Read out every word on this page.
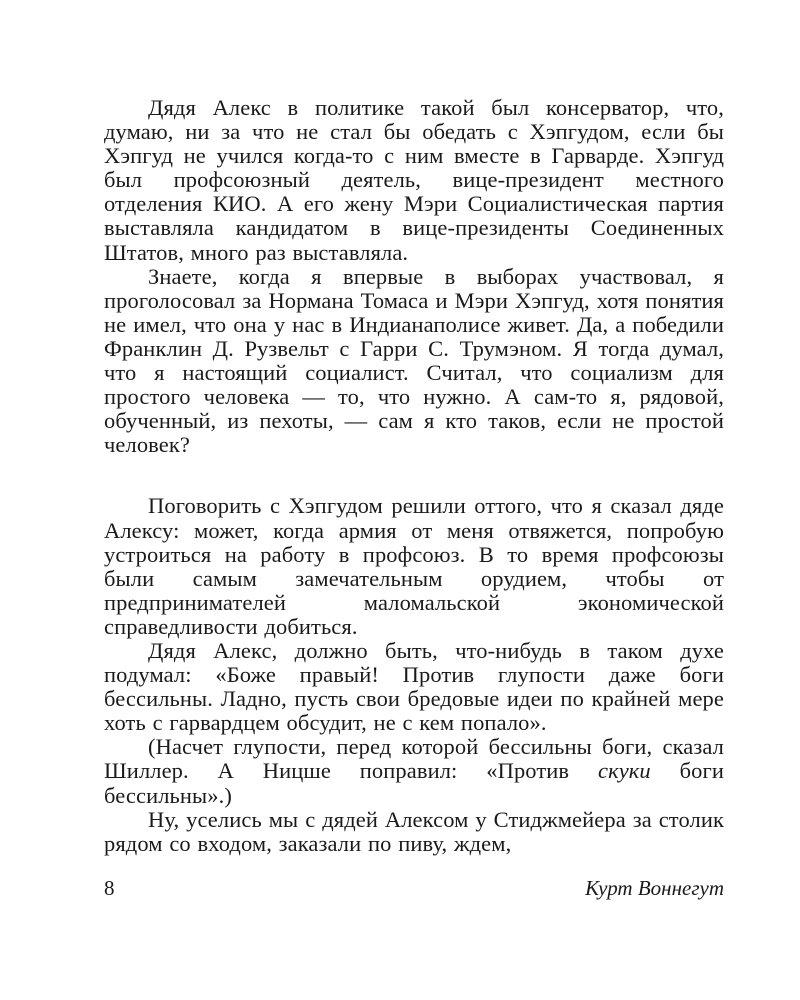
Дядя Алекс в политике такой был консерватор, что, думаю, ни за что не стал бы обедать с Хэпгудом, если бы Хэпгуд не учился когда-то с ним вместе в Гарварде. Хэпгуд был профсоюзный деятель, вице-президент местного отделения КИО. А его жену Мэри Социалистическая партия выставляла кандидатом в вице-президенты Соединенных Штатов, много раз выставляла.

Знаете, когда я впервые в выборах участвовал, я проголосовал за Нормана Томаса и Мэри Хэпгуд, хотя понятия не имел, что она у нас в Индианаполисе живет. Да, а победили Франклин Д. Рузвельт с Гарри С. Трумэном. Я тогда думал, что я настоящий социалист. Считал, что социализм для простого человека — то, что нужно. А сам-то я, рядовой, обученный, из пехоты, — сам я кто таков, если не простой человек?

Поговорить с Хэпгудом решили оттого, что я сказал дяде Алексу: может, когда армия от меня отвяжется, попробую устроиться на работу в профсоюз. В то время профсоюзы были самым замечательным орудием, чтобы от предпринимателей маломальской экономической справедливости добиться.

Дядя Алекс, должно быть, что-нибудь в таком духе подумал: «Боже правый! Против глупости даже боги бессильны. Ладно, пусть свои бредовые идеи по крайней мере хоть с гарвардцем обсудит, не с кем попало».

(Насчет глупости, перед которой бессильны боги, сказал Шиллер. А Ницше поправил: «Против скуки боги бессильны».)

Ну, уселись мы с дядей Алексом у Стиджмейера за столик рядом со входом, заказали по пиву, ждем,

8	Курт Воннегут
